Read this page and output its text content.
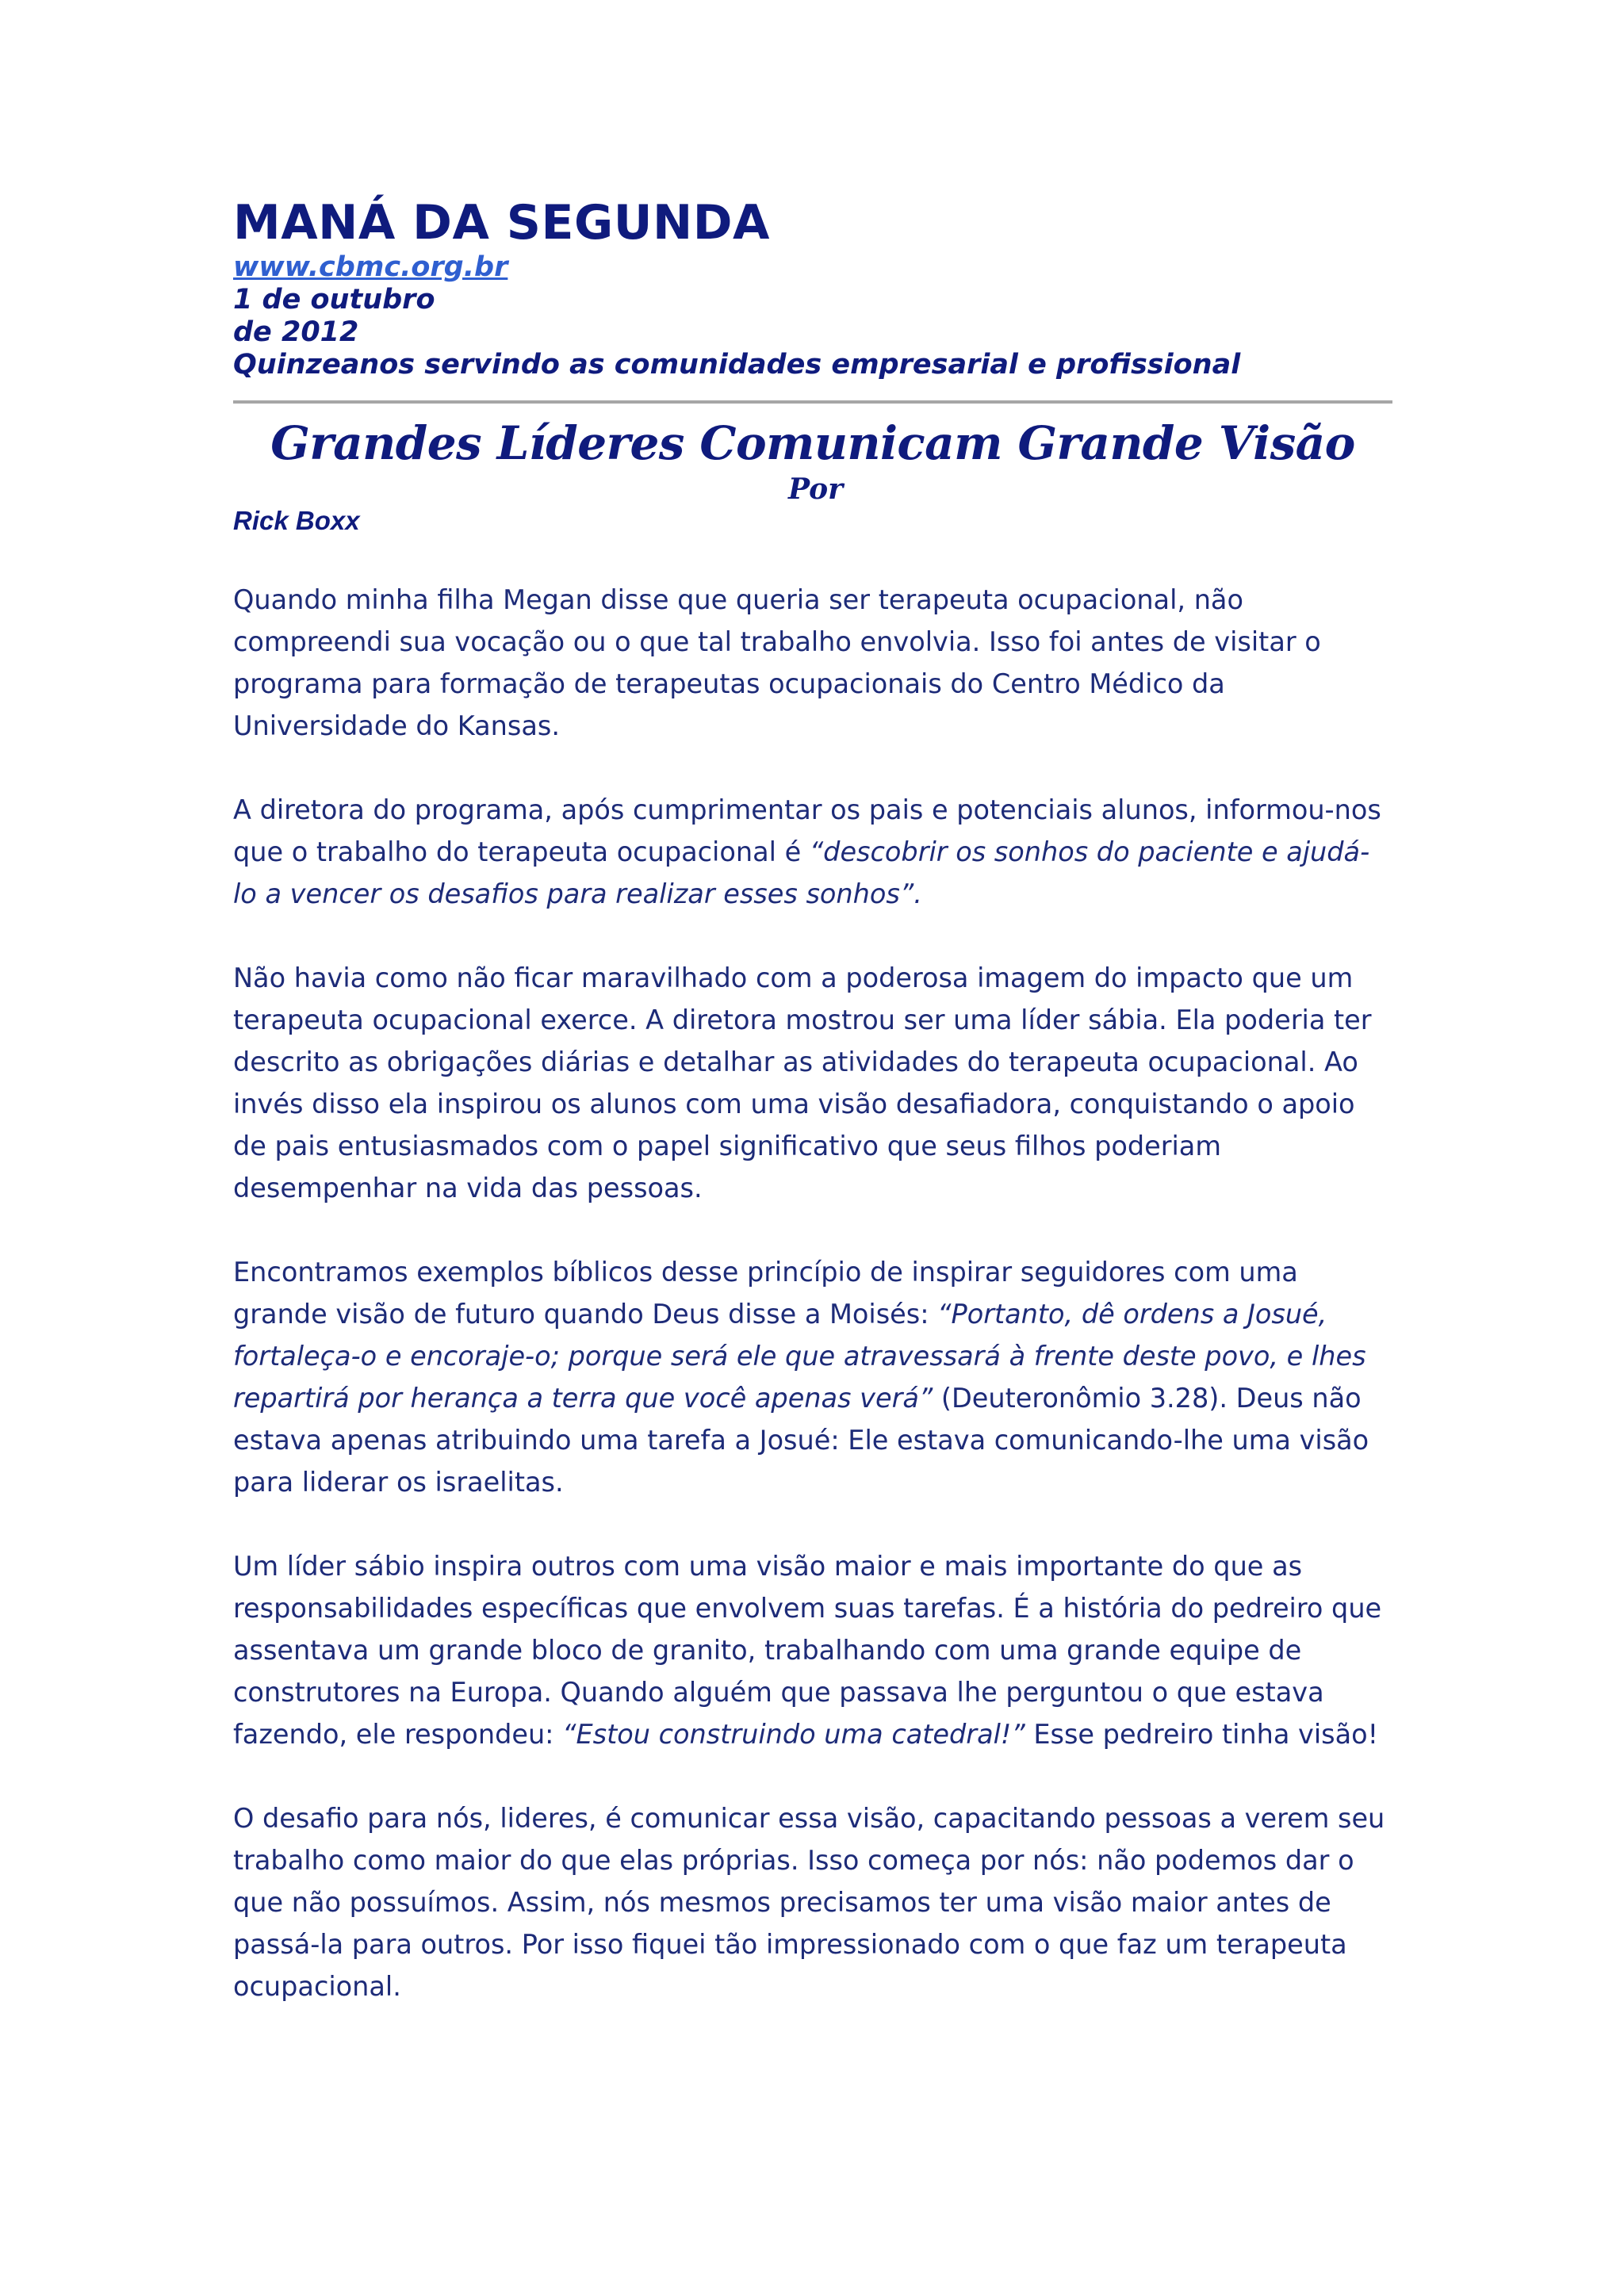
MANÁ DA SEGUNDA

www.cbmc.org.br

1 de outubro

de 2012

Quinzeanos servindo as comunidades empresarial e profissional

Grandes Líderes Comunicam Grande Visão

Por

Rick Boxx

Quando minha filha Megan disse que queria ser terapeuta ocupacional, não compreendi sua vocação ou o que tal trabalho envolvia. Isso foi antes de visitar o programa para formação de terapeutas ocupacionais do Centro Médico da Universidade do Kansas.

A diretora do programa, após cumprimentar os pais e potenciais alunos, informou-nos que o trabalho do terapeuta ocupacional é “descobrir os sonhos do paciente e ajudá-lo a vencer os desafios para realizar esses sonhos”.

Não havia como não ficar maravilhado com a poderosa imagem do impacto que um terapeuta ocupacional exerce. A diretora mostrou ser uma líder sábia. Ela poderia ter descrito as obrigações diárias e detalhar as atividades do terapeuta ocupacional. Ao invés disso ela inspirou os alunos com uma visão desafiadora, conquistando o apoio de pais entusiasmados com o papel significativo que seus filhos poderiam desempenhar na vida das pessoas.

Encontramos exemplos bíblicos desse princípio de inspirar seguidores com uma grande visão de futuro quando Deus disse a Moisés: “Portanto, dê ordens a Josué, fortaleça-o e encoraje-o; porque será ele que atravessará à frente deste povo, e lhes repartirá por herança a terra que você apenas verá” (Deuteronômio 3.28). Deus não estava apenas atribuindo uma tarefa a Josué: Ele estava comunicando-lhe uma visão para liderar os israelitas.

Um líder sábio inspira outros com uma visão maior e mais importante do que as responsabilidades específicas que envolvem suas tarefas. É a história do pedreiro que assentava um grande bloco de granito, trabalhando com uma grande equipe de construtores na Europa. Quando alguém que passava lhe perguntou o que estava fazendo, ele respondeu: “Estou construindo uma catedral!” Esse pedreiro tinha visão!

O desafio para nós, lideres, é comunicar essa visão, capacitando pessoas a verem seu trabalho como maior do que elas próprias. Isso começa por nós: não podemos dar o que não possuímos. Assim, nós mesmos precisamos ter uma visão maior antes de passá-la para outros. Por isso fiquei tão impressionado com o que faz um terapeuta ocupacional.
